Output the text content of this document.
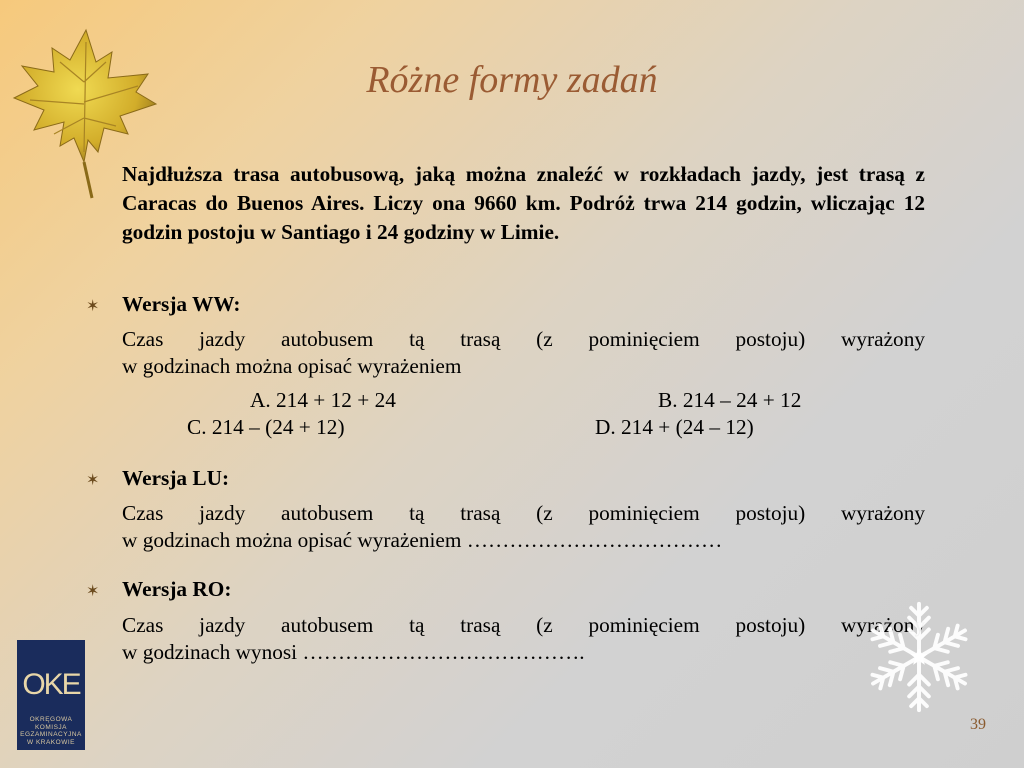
Różne formy zadań
Najdłuższa trasa autobusową, jaką można znaleźć w rozkładach jazdy, jest trasą z Caracas do Buenos Aires. Liczy ona 9660 km. Podróż trwa 214 godzin, wliczając 12 godzin postoju w Santiago i 24 godziny w Limie.
✶	Wersja WW:
Czas jazdy autobusem tą trasą (z pominięciem postoju) wyrażony
w godzinach można opisać wyrażeniem
A. 214 + 12 + 24	B. 214 – 24 + 12
C. 214 – (24 + 12)	D. 214 + (24 – 12)
✶	Wersja LU:
Czas jazdy autobusem tą trasą (z pominięciem postoju) wyrażony
w godzinach można opisać wyrażeniem ………………………………
✶	Wersja RO:
Czas jazdy autobusem tą trasą (z pominięciem postoju) wyrażony
w godzinach wynosi ………………………………….
OKE
OKRĘGOWA
KOMISJA
EGZAMINACYJNA
W KRAKOWIE
39
